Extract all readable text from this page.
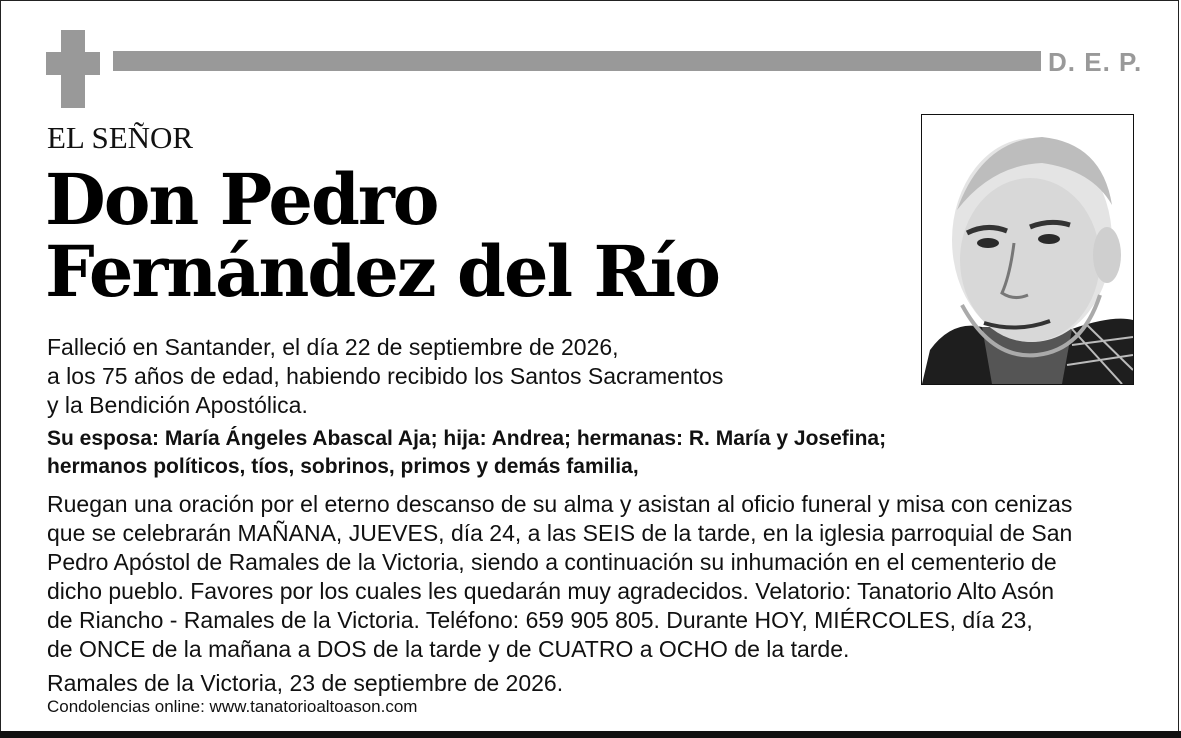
D. E. P.
EL SEÑOR
Don Pedro
Fernández del Río
Falleció en Santander, el día 22 de septiembre de 2026,
a los 75 años de edad, habiendo recibido los Santos Sacramentos
y la Bendición Apostólica.
Su esposa: María Ángeles Abascal Aja; hija: Andrea; hermanas: R. María y Josefina;
hermanos políticos, tíos, sobrinos, primos y demás familia,
Ruegan una oración por el eterno descanso de su alma y asistan al oficio funeral y misa con cenizas
que se celebrarán MAÑANA, JUEVES, día 24, a las SEIS de la tarde, en la iglesia parroquial de San
Pedro Apóstol de Ramales de la Victoria, siendo a continuación su inhumación en el cementerio de
dicho pueblo. Favores por los cuales les quedarán muy agradecidos. Velatorio: Tanatorio Alto Asón
de Riancho - Ramales de la Victoria. Teléfono: 659 905 805. Durante HOY, MIÉRCOLES, día 23,
de ONCE de la mañana a DOS de la tarde y de CUATRO a OCHO de la tarde.
Ramales de la Victoria, 23 de septiembre de 2026.
Condolencias online: www.tanatorioaltoason.com
